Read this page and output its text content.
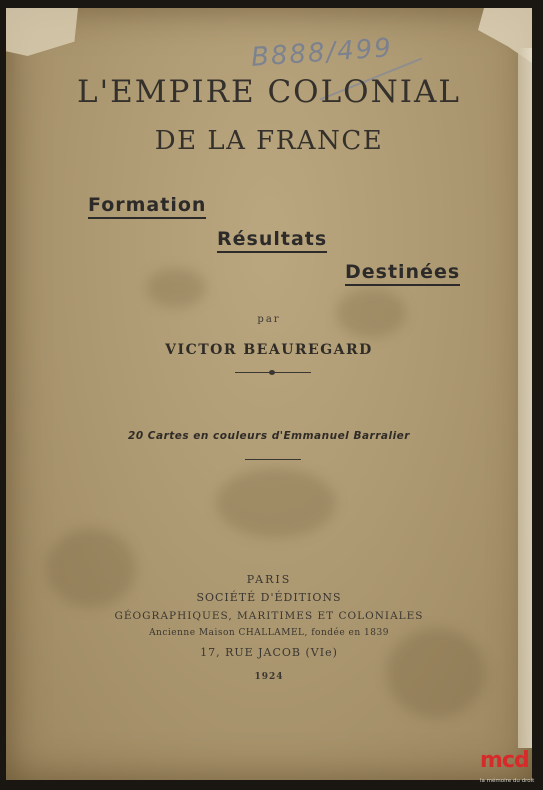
B888/499
L'EMPIRE COLONIAL
DE LA FRANCE
Formation
Résultats
Destinées
par
VICTOR BEAUREGARD
20 Cartes en couleurs d'Emmanuel Barralier
PARIS
SOCIÉTÉ D'ÉDITIONS
GÉOGRAPHIQUES, MARITIMES ET COLONIALES
Ancienne Maison CHALLAMEL, fondée en 1839
17, RUE JACOB (VIe)
1924
mcd
la mémoire du droit
